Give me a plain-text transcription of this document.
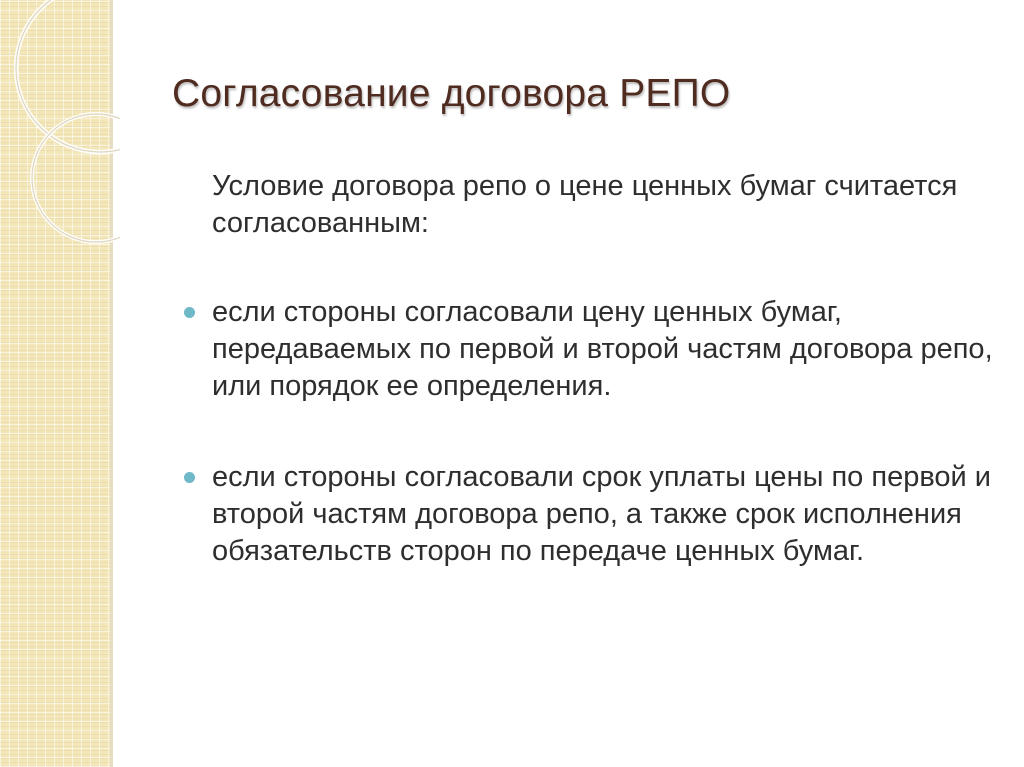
Согласование договора РЕПО

Условие договора репо о цене ценных бумаг считается согласованным:

если стороны согласовали цену ценных бумаг, передаваемых по первой и второй частям договора репо, или порядок ее определения.
если стороны согласовали срок уплаты цены по первой и второй частям договора репо, а также срок исполнения обязательств сторон по передаче ценных бумаг.
